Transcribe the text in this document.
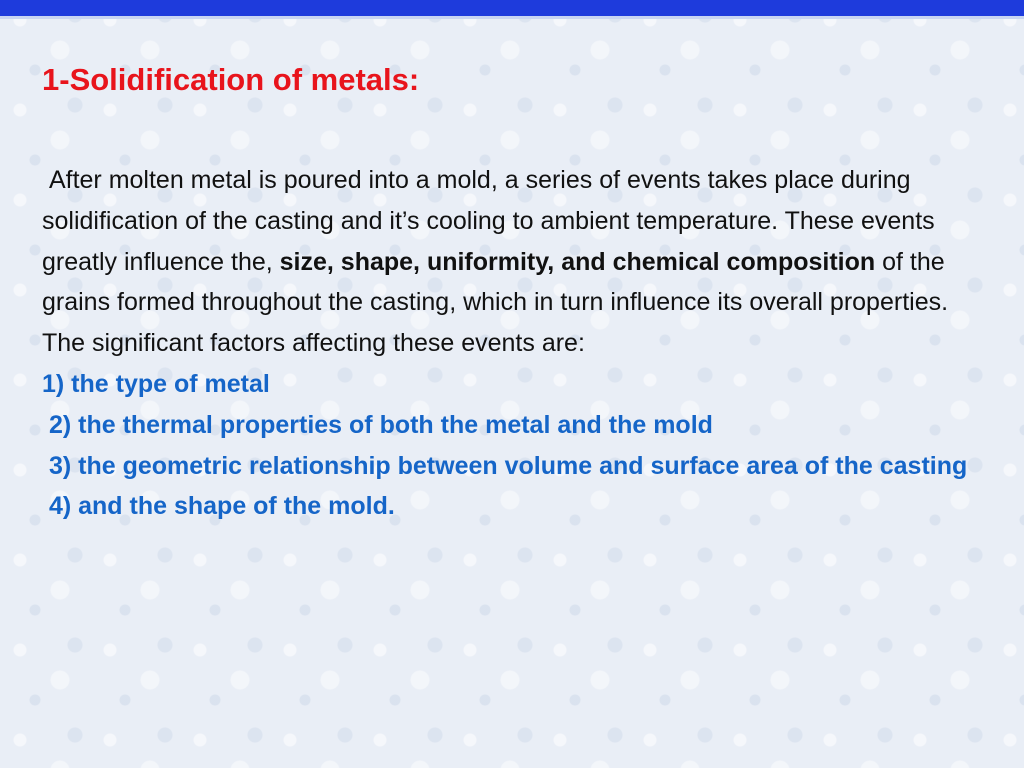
1-Solidification of metals:

After molten metal is poured into a mold, a series of events takes place during solidification of the casting and it’s cooling to ambient temperature. These events greatly influence the, size, shape, uniformity, and chemical composition of the grains formed throughout the casting, which in turn influence its overall properties. The significant factors affecting these events are:
1) the type of metal
2) the thermal properties of both the metal and the mold
3) the geometric relationship between volume and surface area of the casting
4) and the shape of the mold.
